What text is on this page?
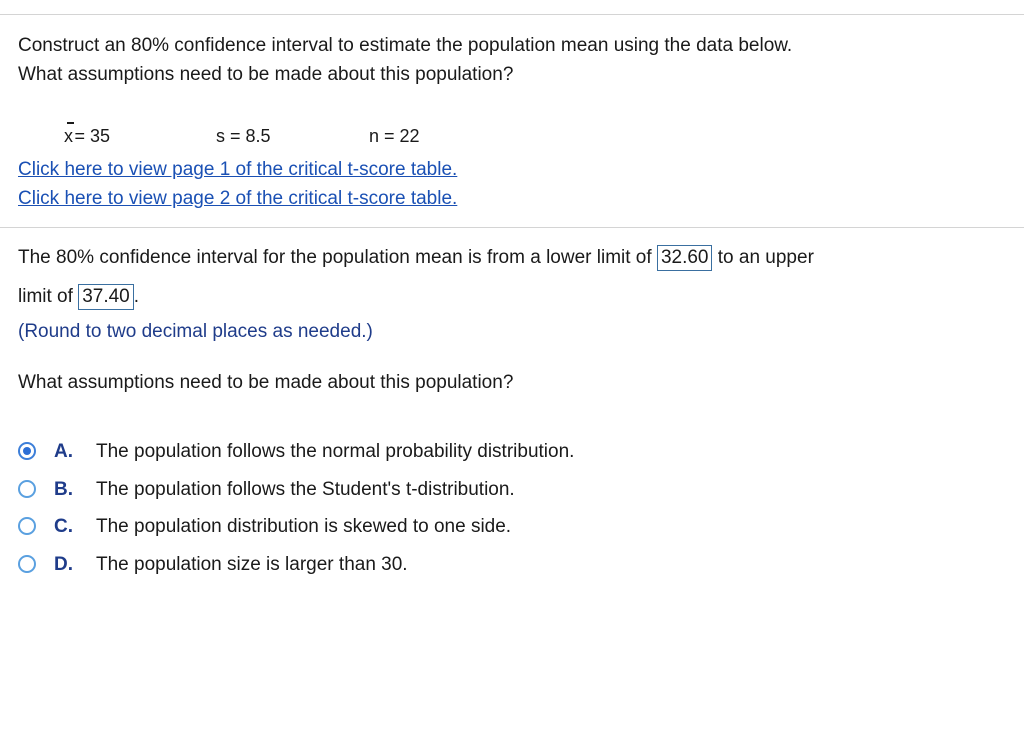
Construct an 80% confidence interval to estimate the population mean using the data below.
What assumptions need to be made about this population?
x = 35	s = 8.5	n = 22
Click here to view page 1 of the critical t-score table.
Click here to view page 2 of the critical t-score table.
The 80% confidence interval for the population mean is from a lower limit of 32.60 to an upper
limit of 37.40 .
(Round to two decimal places as needed.)
What assumptions need to be made about this population?
A. The population follows the normal probability distribution.
B. The population follows the Student's t-distribution.
C. The population distribution is skewed to one side.
D. The population size is larger than 30.
